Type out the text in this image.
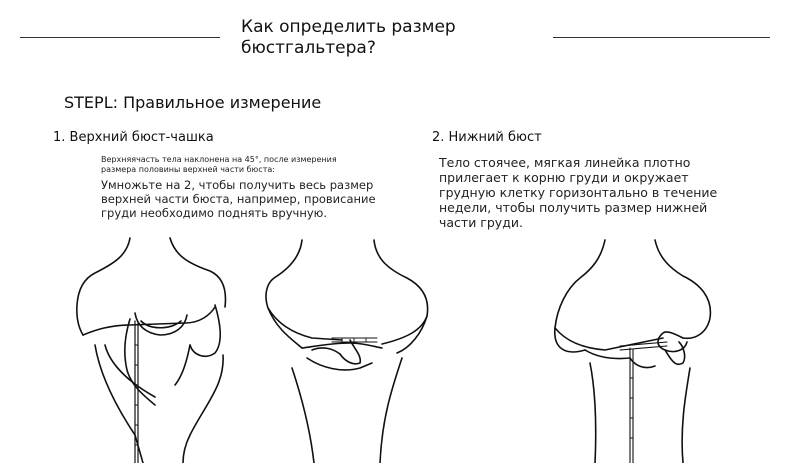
Как определить размер
бюстгальтера?
STEPL: Правильное измерение
1. Верхний бюст-чашка
Верхняячасть тела наклонена на 45°, после измерения
размера половины верхней части бюста:
Умножьте на 2, чтобы получить весь размер
верхней части бюста, например, провисание
груди необходимо поднять вручную.
2. Нижний бюст
Тело стоячее, мягкая линейка плотно
прилегает к корню груди и окружает
грудную клетку горизонтально в течение
недели, чтобы получить размер нижней
части груди.
